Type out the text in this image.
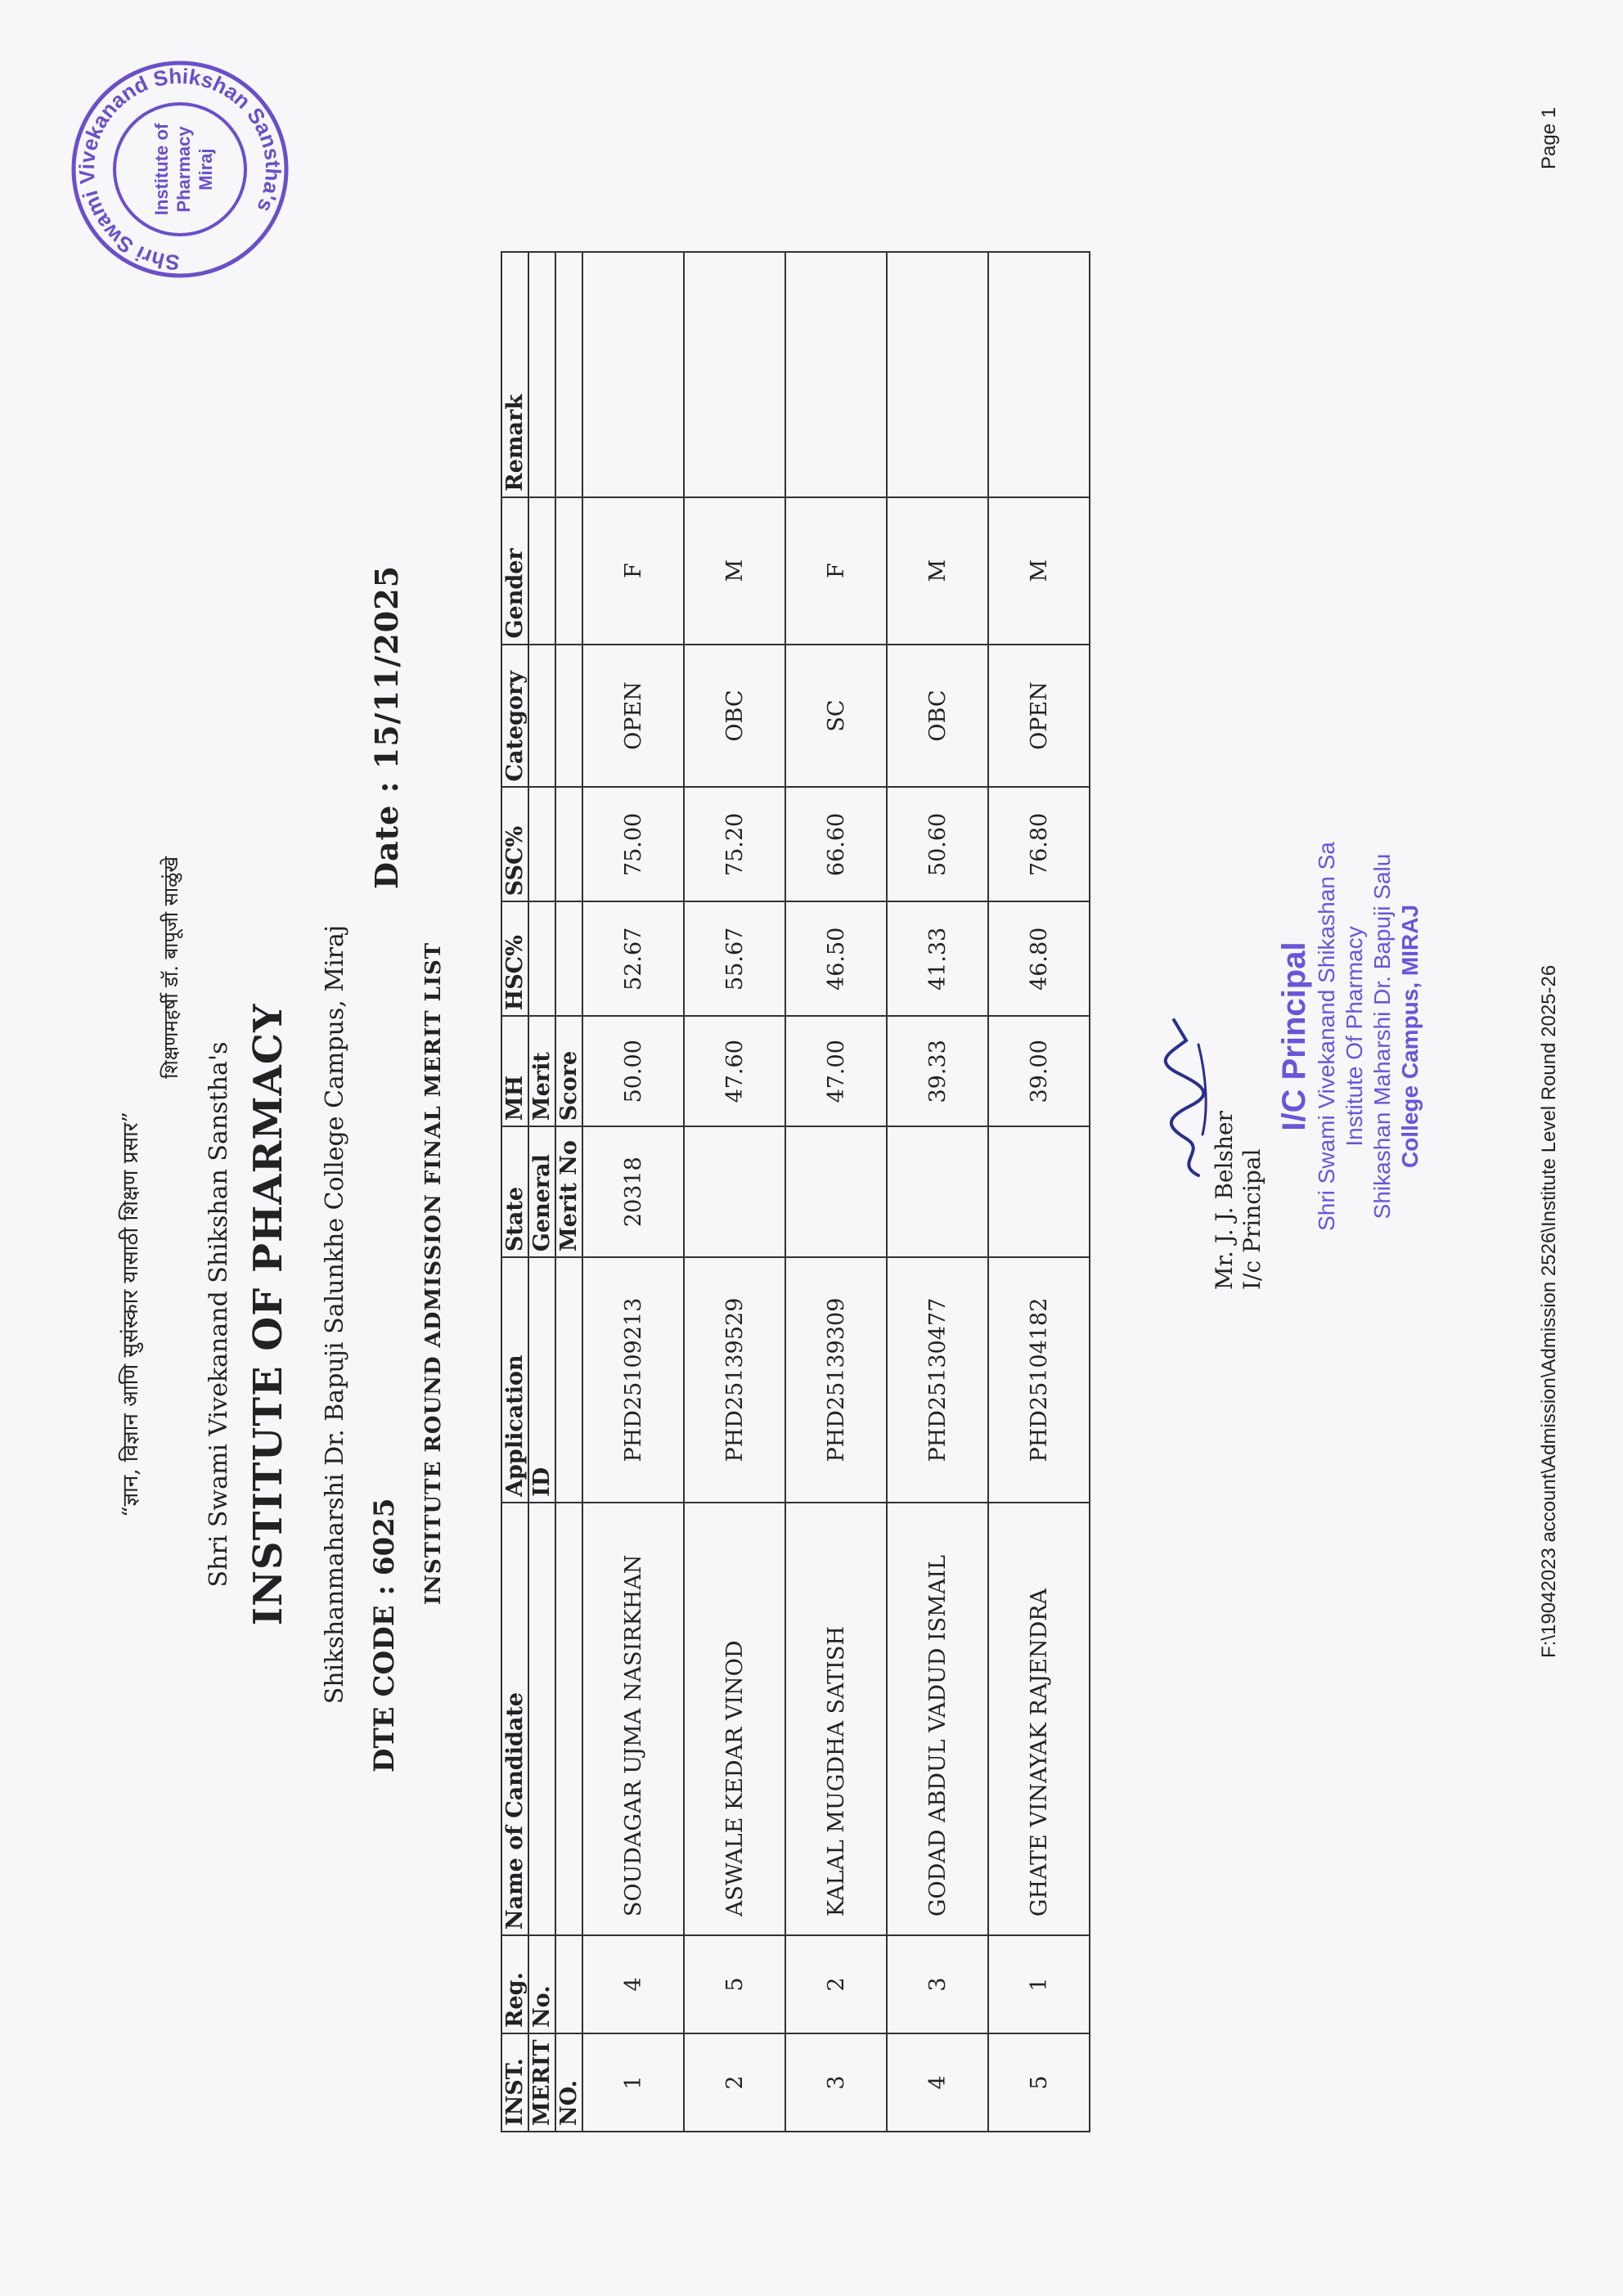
“ज्ञान, विज्ञान आणि सुसंस्कार यासाठी शिक्षण प्रसार”
शिक्षणमहर्षी डॉ. बापूजी साळुंखे
Shri Swami Vivekanand Shikshan Sanstha's INSTITUTE OF PHARMACY Shikshanmaharshi Dr. Bapuji Salunkhe College Campus, Miraj DTE CODE : 6025
Date : 15/11/2025
INSTITUTE ROUND ADMISSION FINAL MERIT LIST
INST.	Reg.	Name of Candidate	Application	State	MH	HSC%	SSC%	Category	Gender	Remark
MERIT	No.		ID	General	Merit					
NO.				Merit No	Score					
1	4	SOUDAGAR UJMA NASIRKHAN	PHD25109213	20318	50.00	52.67	75.00	OPEN	F	
2	5	ASWALE KEDAR VINOD	PHD25139529		47.60	55.67	75.20	OBC	M	
3	2	KALAL MUGDHA SATISH	PHD25139309		47.00	46.50	66.60	SC	F	
4	3	GODAD ABDUL VADUD ISMAIL	PHD25130477		39.33	41.33	50.60	OBC	M	
5	1	GHATE VINAYAK RAJENDRA	PHD25104182		39.00	46.80	76.80	OPEN	M	
Mr. J. J. Belsher I/c Principal
I/C Principal Shri Swami Vivekanand Shikashan Sa Institute Of Pharmacy Shikashan Maharshi Dr. Bapuji Salu College Campus, MIRAJ
Shri Swami Vivekanand Shikshan Sanstha's
Institute of Pharmacy Miraj
F:\19042023 account\Admission\Admission 2526\Institute Level Round 2025-26
Page 1
